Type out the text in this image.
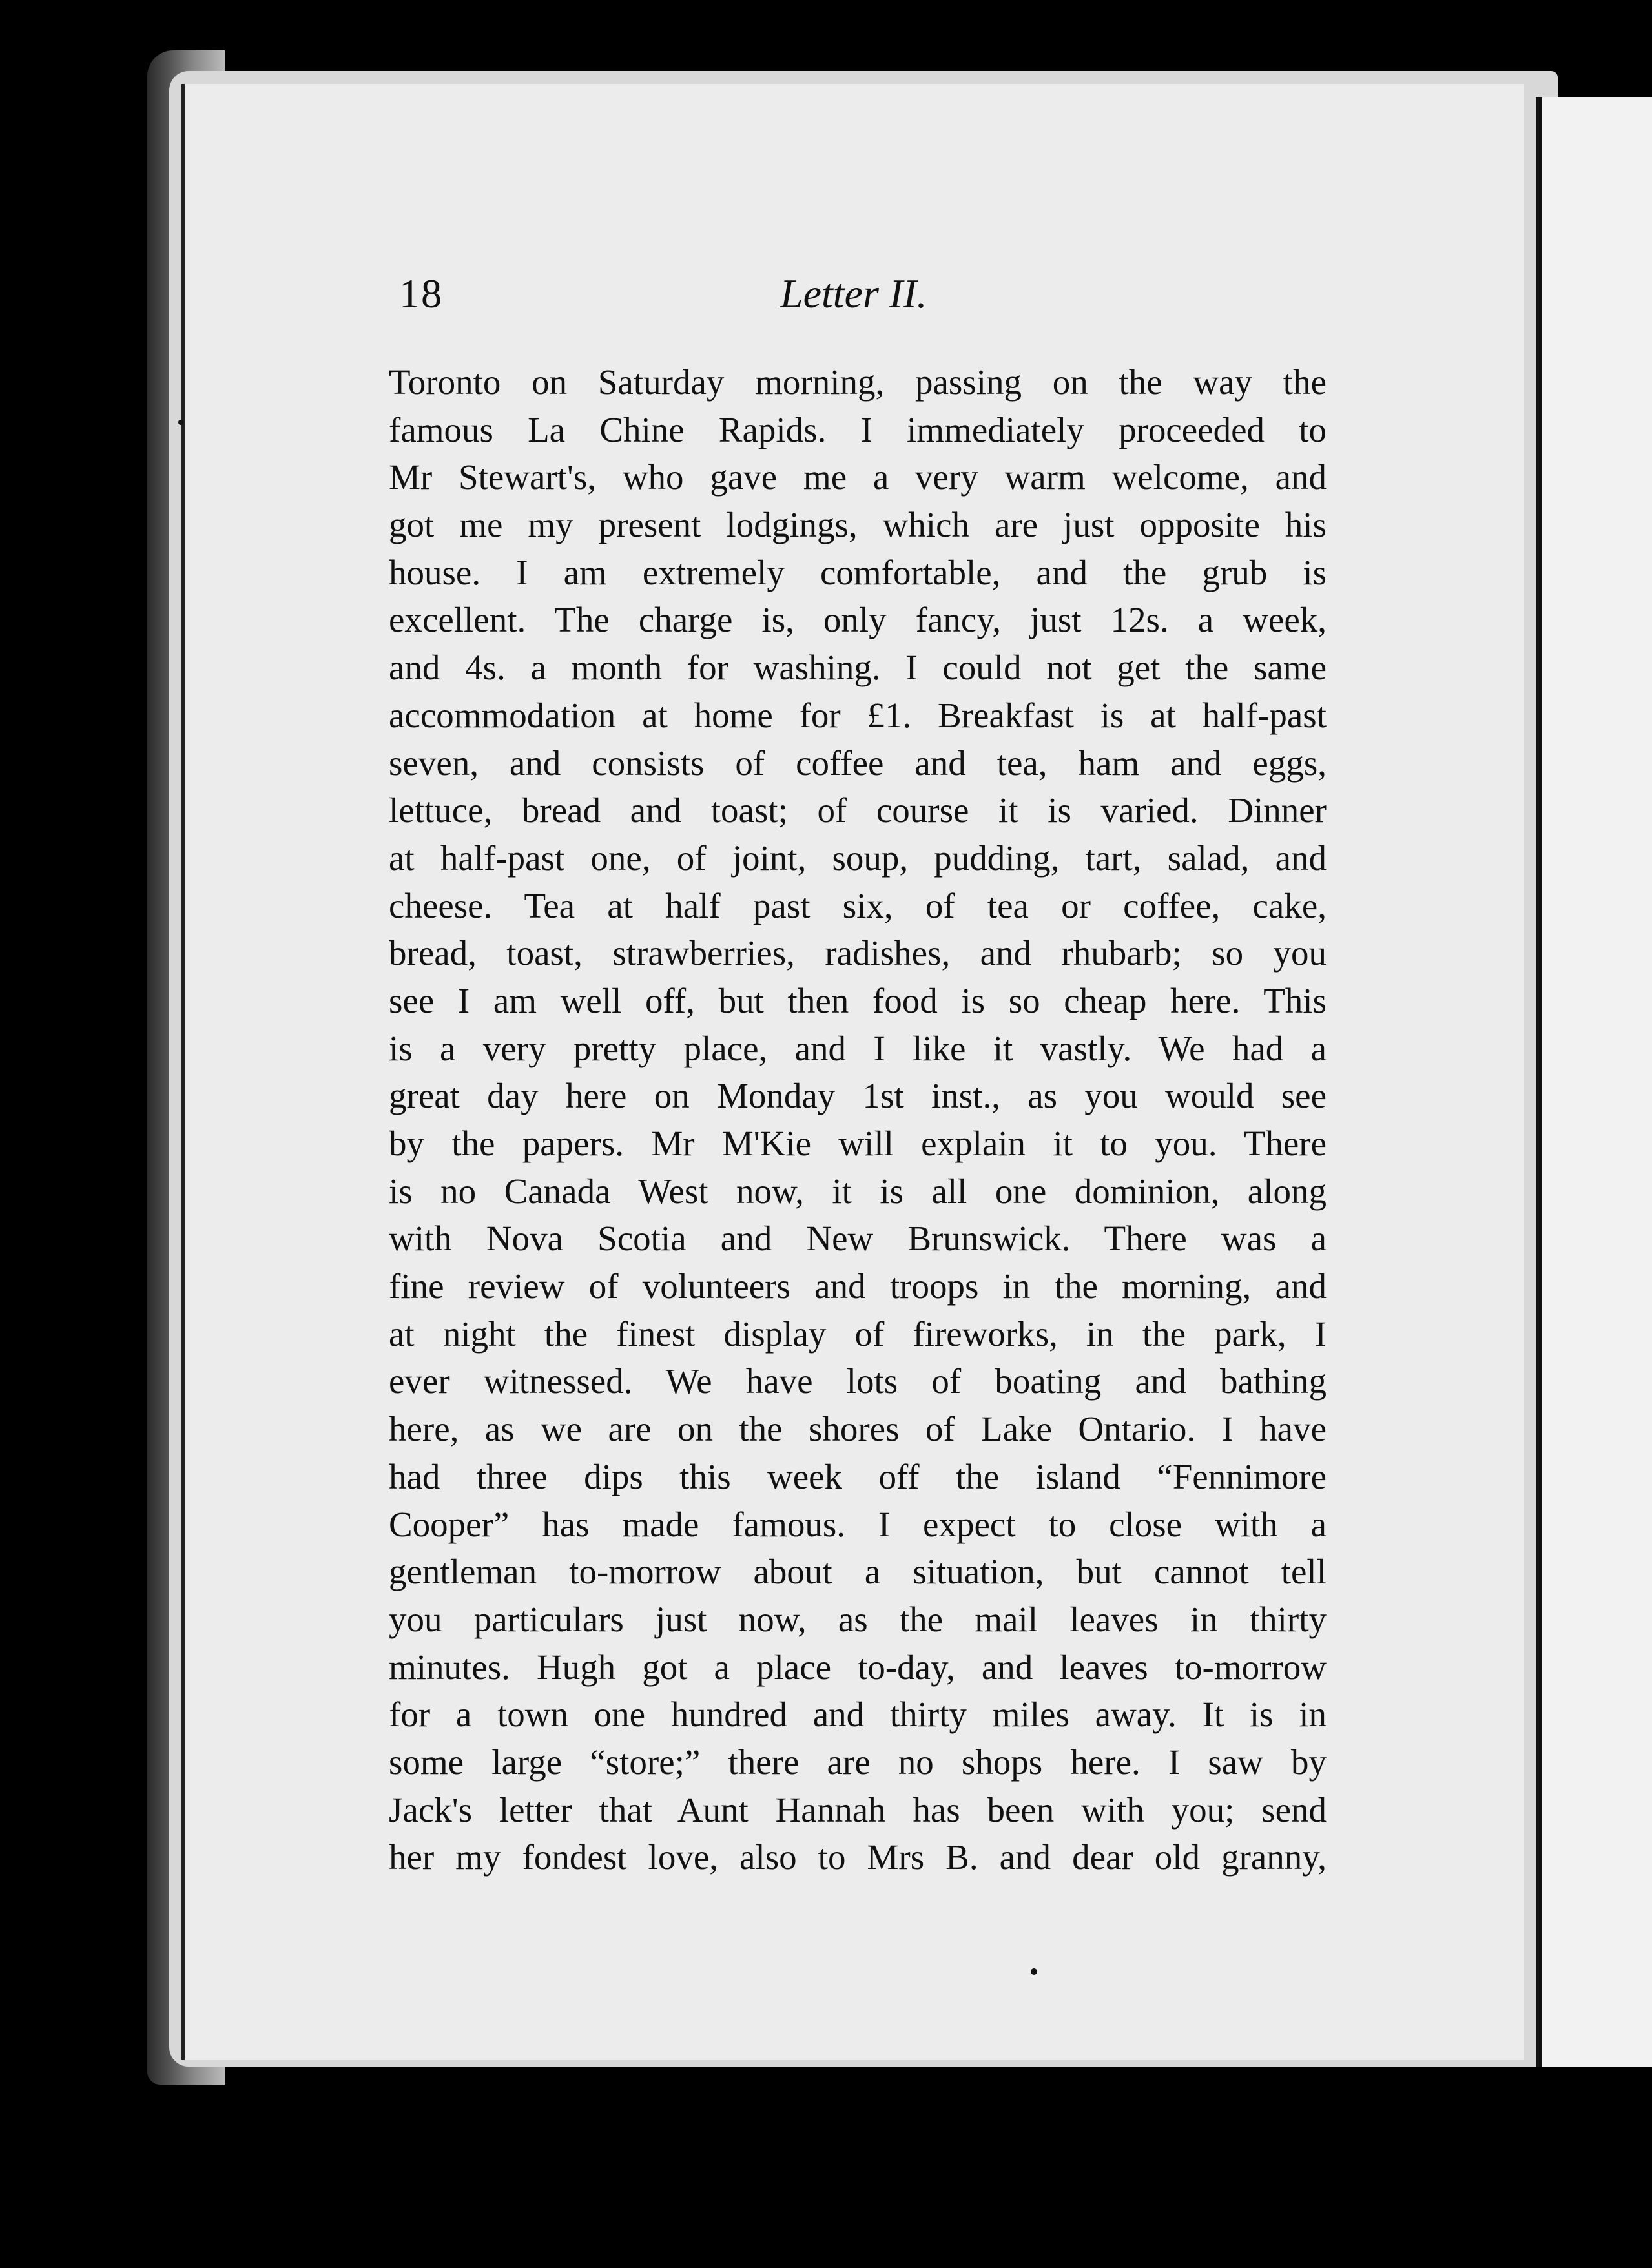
18	Letter II.
Toronto on Saturday morning, passing on the way the
famous La Chine Rapids. I immediately proceeded to
Mr Stewart's, who gave me a very warm welcome, and
got me my present lodgings, which are just opposite his
house. I am extremely comfortable, and the grub is
excellent. The charge is, only fancy, just 12s. a week,
and 4s. a month for washing. I could not get the same
accommodation at home for £1. Breakfast is at half-past
seven, and consists of coffee and tea, ham and eggs,
lettuce, bread and toast; of course it is varied. Dinner
at half-past one, of joint, soup, pudding, tart, salad, and
cheese. Tea at half past six, of tea or coffee, cake,
bread, toast, strawberries, radishes, and rhubarb; so you
see I am well off, but then food is so cheap here. This
is a very pretty place, and I like it vastly. We had a
great day here on Monday 1st inst., as you would see
by the papers. Mr M'Kie will explain it to you. There
is no Canada West now, it is all one dominion, along
with Nova Scotia and New Brunswick. There was a
fine review of volunteers and troops in the morning, and
at night the finest display of fireworks, in the park, I
ever witnessed. We have lots of boating and bathing
here, as we are on the shores of Lake Ontario. I have
had three dips this week off the island “Fennimore
Cooper” has made famous. I expect to close with a
gentleman to-morrow about a situation, but cannot tell
you particulars just now, as the mail leaves in thirty
minutes. Hugh got a place to-day, and leaves to-morrow
for a town one hundred and thirty miles away. It is in
some large “store;” there are no shops here. I saw by
Jack's letter that Aunt Hannah has been with you; send
her my fondest love, also to Mrs B. and dear old granny,
